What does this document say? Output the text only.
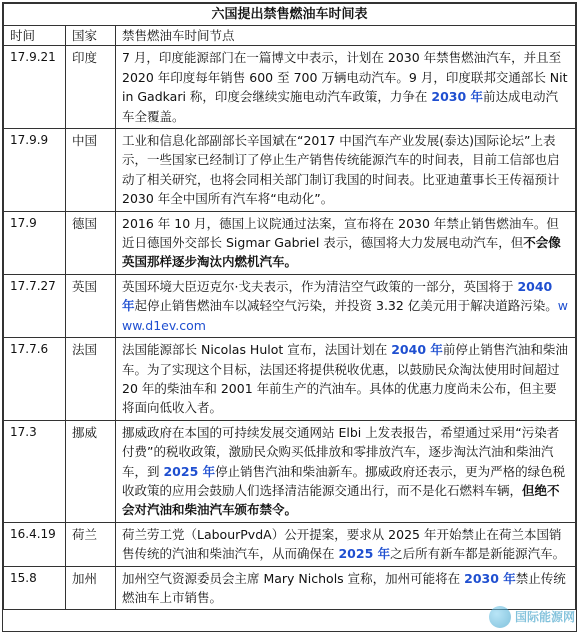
六国提出禁售燃油车时间表		
时间	国家	禁售燃油车时间节点
17.9.21	印度	7 月，印度能源部门在一篇博文中表示，计划在 2030 年禁售燃油汽车，并且至 2020 年印度每年销售 600 至 700 万辆电动汽车。9 月，印度联邦交通部长 Nitin Gadkari 称，印度会继续实施电动汽车政策，力争在 2030 年前达成电动汽车全覆盖。
17.9.9	中国	工业和信息化部副部长辛国斌在“2017 中国汽车产业发展(泰达)国际论坛”上表示，一些国家已经制订了停止生产销售传统能源汽车的时间表，目前工信部也启动了相关研究，也将会同相关部门制订我国的时间表。比亚迪董事长王传福预计 2030 年全中国所有汽车将“电动化”。
17.9	德国	2016 年 10 月，德国上议院通过法案，宣布将在 2030 年禁止销售燃油车。但近日德国外交部长 Sigmar Gabriel 表示，德国将大力发展电动汽车，但不会像英国那样逐步淘汰内燃机汽车。
17.7.27	英国	英国环境大臣迈克尔·戈夫表示，作为清洁空气政策的一部分，英国将于 2040 年起停止销售燃油车以减轻空气污染，并投资 3.32 亿美元用于解决道路污染。www.d1ev.com
17.7.6	法国	法国能源部长 Nicolas Hulot 宣布，法国计划在 2040 年前停止销售汽油和柴油车。为了实现这个目标，法国还将提供税收优惠，以鼓励民众淘汰使用时间超过 20 年的柴油车和 2001 年前生产的汽油车。具体的优惠力度尚未公布，但主要将面向低收入者。
17.3	挪威	挪威政府在本国的可持续发展交通网站 Elbi 上发表报告，希望通过采用“污染者付费”的税收政策，激励民众购买低排放和零排放汽车，逐步淘汰汽油和柴油汽车，到 2025 年停止销售汽油和柴油新车。挪威政府还表示，更为严格的绿色税收政策的应用会鼓励人们选择清洁能源交通出行，而不是化石燃料车辆，但绝不会对汽油和柴油汽车颁布禁令。
16.4.19	荷兰	荷兰劳工党（LabourPvdA）公开提案，要求从 2025 年开始禁止在荷兰本国销售传统的汽油和柴油汽车，从而确保在 2025 年之后所有新车都是新能源汽车。
15.8	加州	加州空气资源委员会主席 Mary Nichols 宣称，加州可能将在 2030 年禁止传统燃油车上市销售。
国际能源网
